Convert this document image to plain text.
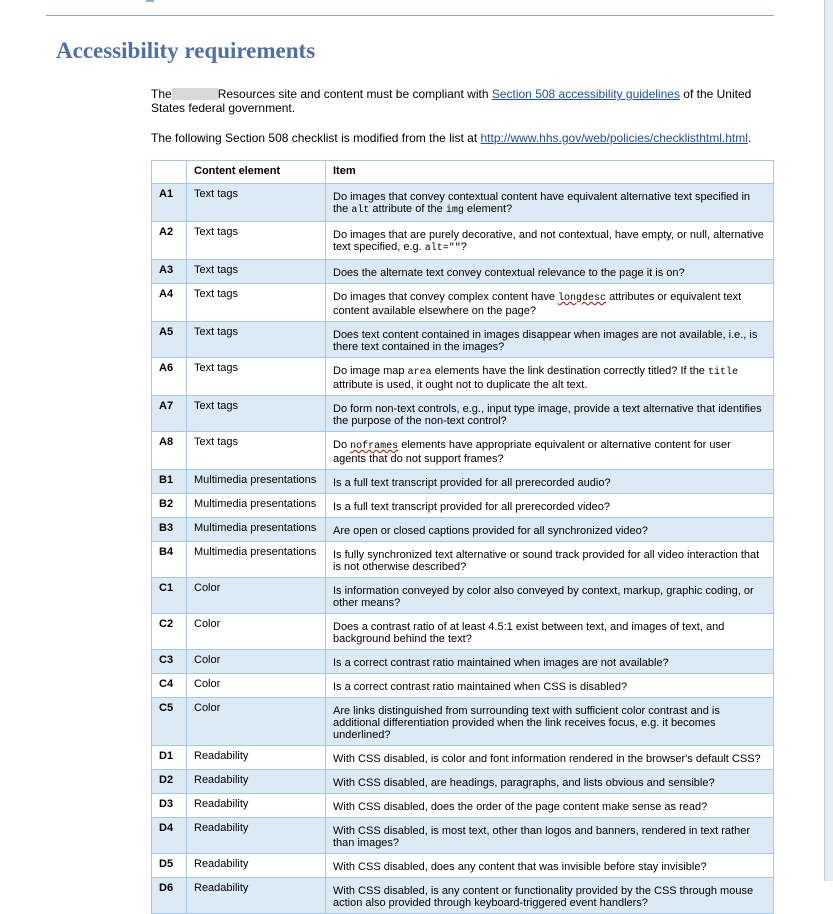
Accessibility requirements

The	Resources site and content must be compliant with Section 508 accessibility guidelines of the United States federal government.

The following Section 508 checklist is modified from the list at http://www.hhs.gov/web/policies/checklisthtml.html.

	Content element	Item
A1	Text tags	Do images that convey contextual content have equivalent alternative text specified in the alt attribute of the img element?

A2	Text tags	Do images that are purely decorative, and not contextual, have empty, or null, alternative text specified, e.g. alt=""?

A3	Text tags	Does the alternate text convey contextual relevance to the page it is on?

A4	Text tags	Do images that convey complex content have longdesc attributes or equivalent text content available elsewhere on the page?

A5	Text tags	Does text content contained in images disappear when images are not available, i.e., is there text contained in the images?

A6	Text tags	Do image map area elements have the link destination correctly titled? If the title attribute is used, it ought not to duplicate the alt text.

A7	Text tags	Do form non-text controls, e.g., input type image, provide a text alternative that identifies the purpose of the non-text control?

A8	Text tags	Do noframes elements have appropriate equivalent or alternative content for user agents that do not support frames?

B1	Multimedia presentations	Is a full text transcript provided for all prerecorded audio?

B2	Multimedia presentations	Is a full text transcript provided for all prerecorded video?

B3	Multimedia presentations	Are open or closed captions provided for all synchronized video?

B4	Multimedia presentations	Is fully synchronized text alternative or sound track provided for all video interaction that is not otherwise described?

C1	Color	Is information conveyed by color also conveyed by context, markup, graphic coding, or other means?

C2	Color	Does a contrast ratio of at least 4.5:1 exist between text, and images of text, and background behind the text?

C3	Color	Is a correct contrast ratio maintained when images are not available?

C4	Color	Is a correct contrast ratio maintained when CSS is disabled?

C5	Color	Are links distinguished from surrounding text with sufficient color contrast and is additional differentiation provided when the link receives focus, e.g. it becomes underlined?

D1	Readability	With CSS disabled, is color and font information rendered in the browser's default CSS?

D2	Readability	With CSS disabled, are headings, paragraphs, and lists obvious and sensible?

D3	Readability	With CSS disabled, does the order of the page content make sense as read?

D4	Readability	With CSS disabled, is most text, other than logos and banners, rendered in text rather than images?

D5	Readability	With CSS disabled, does any content that was invisible before stay invisible?

D6	Readability	With CSS disabled, is any content or functionality provided by the CSS through mouse action also provided through keyboard-triggered event handlers?
